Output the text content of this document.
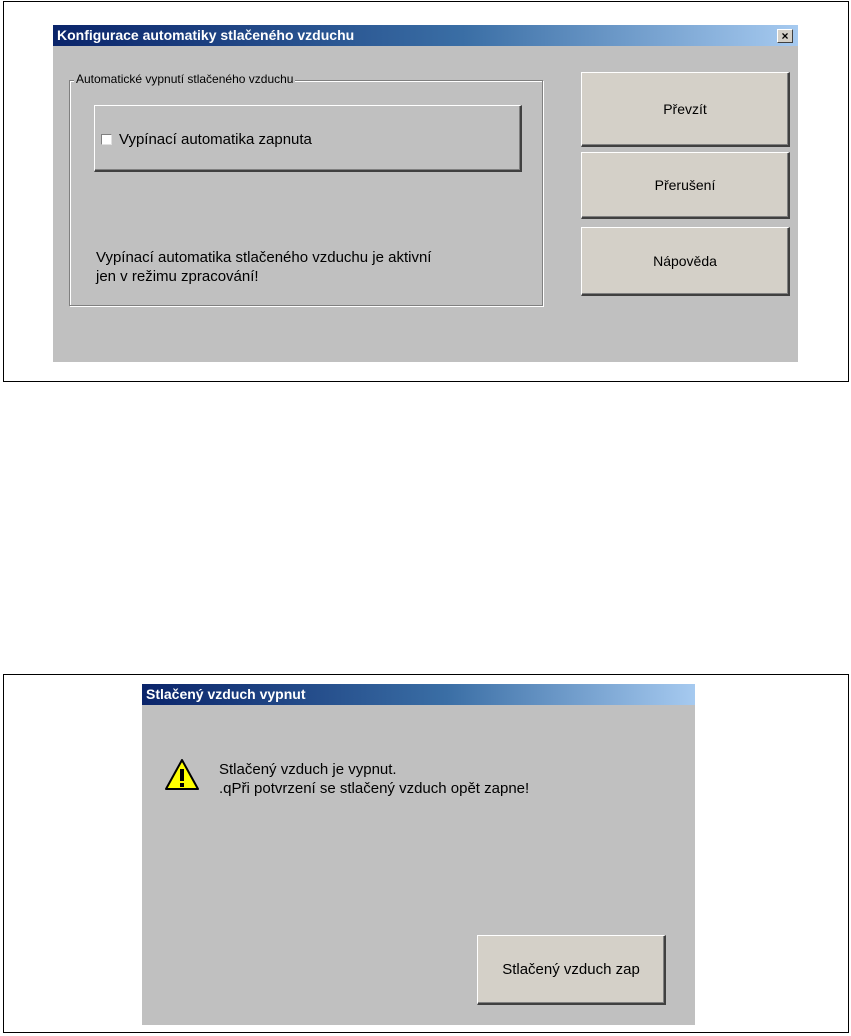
Konfigurace automatiky stlačeného vzduchu	×
Automatické vypnutí stlačeného vzduchu
Vypínací automatika zapnuta
Vypínací automatika stlačeného vzduchu je aktivní
jen v režimu zpracování!
Převzít
Přerušení
Nápověda
Stlačený vzduch vypnut
Stlačený vzduch je vypnut.
.qPři potvrzení se stlačený vzduch opět zapne!
Stlačený vzduch zap
